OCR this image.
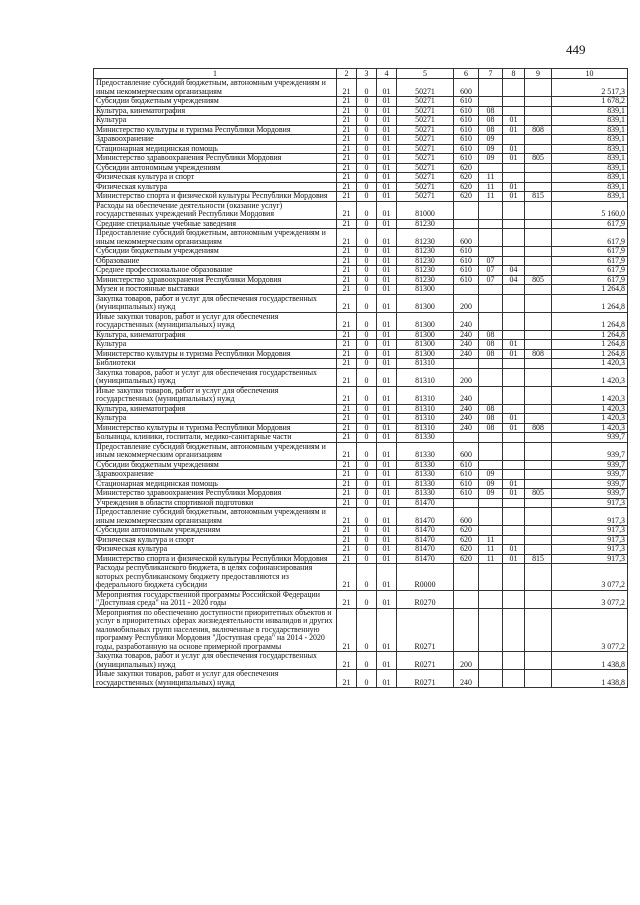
449
1	2	3	4	5	6	7	8	9	10
Предоставление субсидий бюджетным, автономным учреждениям и иным некоммерческим организациям	21	0	01	50271	600				2 517,3
Субсидии бюджетным учреждениям	21	0	01	50271	610				1 678,2
Культура, кинематография	21	0	01	50271	610	08			839,1
Культура	21	0	01	50271	610	08	01		839,1
Министерство культуры и туризма Республики Мордовия	21	0	01	50271	610	08	01	808	839,1
Здравоохранение	21	0	01	50271	610	09			839,1
Стационарная медицинская помощь	21	0	01	50271	610	09	01		839,1
Министерство здравоохранения Республики Мордовия	21	0	01	50271	610	09	01	805	839,1
Субсидии автономным учреждениям	21	0	01	50271	620				839,1
Физическая культура и спорт	21	0	01	50271	620	11			839,1
Физическая культура	21	0	01	50271	620	11	01		839,1
Министерство спорта и физической культуры Республики Мордовия	21	0	01	50271	620	11	01	815	839,1
Расходы на обеспечение деятельности (оказание услуг) государственных учреждений Республики Мордовия	21	0	01	81000					5 160,0
Средние специальные учебные заведения	21	0	01	81230					617,9
Предоставление субсидий бюджетным, автономным учреждениям и иным некоммерческим организациям	21	0	01	81230	600				617,9
Субсидии бюджетным учреждениям	21	0	01	81230	610				617,9
Образование	21	0	01	81230	610	07			617,9
Среднее профессиональное образование	21	0	01	81230	610	07	04		617,9
Министерство здравоохранения Республики Мордовия	21	0	01	81230	610	07	04	805	617,9
Музеи и постоянные выставки	21	0	01	81300					1 264,8
Закупка товаров, работ и услуг для обеспечения государственных (муниципальных) нужд	21	0	01	81300	200				1 264,8
Иные закупки товаров, работ и услуг для обеспечения государственных (муниципальных) нужд	21	0	01	81300	240				1 264,8
Культура, кинематография	21	0	01	81300	240	08			1 264,8
Культура	21	0	01	81300	240	08	01		1 264,8
Министерство культуры и туризма Республики Мордовия	21	0	01	81300	240	08	01	808	1 264,8
Библиотеки	21	0	01	81310					1 420,3
Закупка товаров, работ и услуг для обеспечения государственных (муниципальных) нужд	21	0	01	81310	200				1 420,3
Иные закупки товаров, работ и услуг для обеспечения государственных (муниципальных) нужд	21	0	01	81310	240				1 420,3
Культура, кинематография	21	0	01	81310	240	08			1 420,3
Культура	21	0	01	81310	240	08	01		1 420,3
Министерство культуры и туризма Республики Мордовия	21	0	01	81310	240	08	01	808	1 420,3
Больницы, клиники, госпитали, медико-санитарные части	21	0	01	81330					939,7
Предоставление субсидий бюджетным, автономным учреждениям и иным некоммерческим организациям	21	0	01	81330	600				939,7
Субсидии бюджетным учреждениям	21	0	01	81330	610				939,7
Здравоохранение	21	0	01	81330	610	09			939,7
Стационарная медицинская помощь	21	0	01	81330	610	09	01		939,7
Министерство здравоохранения Республики Мордовия	21	0	01	81330	610	09	01	805	939,7
Учреждения в области спортивной подготовки	21	0	01	81470					917,3
Предоставление субсидий бюджетным, автономным учреждениям и иным некоммерческим организациям	21	0	01	81470	600				917,3
Субсидии автономным учреждениям	21	0	01	81470	620				917,3
Физическая культура и спорт	21	0	01	81470	620	11			917,3
Физическая культура	21	0	01	81470	620	11	01		917,3
Министерство спорта и физической культуры Республики Мордовия	21	0	01	81470	620	11	01	815	917,3
Расходы республиканского бюджета, в целях софинансирования которых республиканскому бюджету предоставляются из федерального бюджета субсидии	21	0	01	R0000					3 077,2
Мероприятия государственной программы Российской Федерации "Доступная среда" на 2011 - 2020 годы	21	0	01	R0270					3 077,2
Мероприятия по обеспечению доступности приоритетных объектов и услуг в приоритетных сферах жизнедеятельности инвалидов и других маломобильных групп населения, включенные в государственную программу Республики Мордовия "Доступная среда" на 2014 - 2020 годы, разработанную на основе примерной программы	21	0	01	R0271					3 077,2
Закупка товаров, работ и услуг для обеспечения государственных (муниципальных) нужд	21	0	01	R0271	200				1 438,8
Иные закупки товаров, работ и услуг для обеспечения государственных (муниципальных) нужд	21	0	01	R0271	240				1 438,8
